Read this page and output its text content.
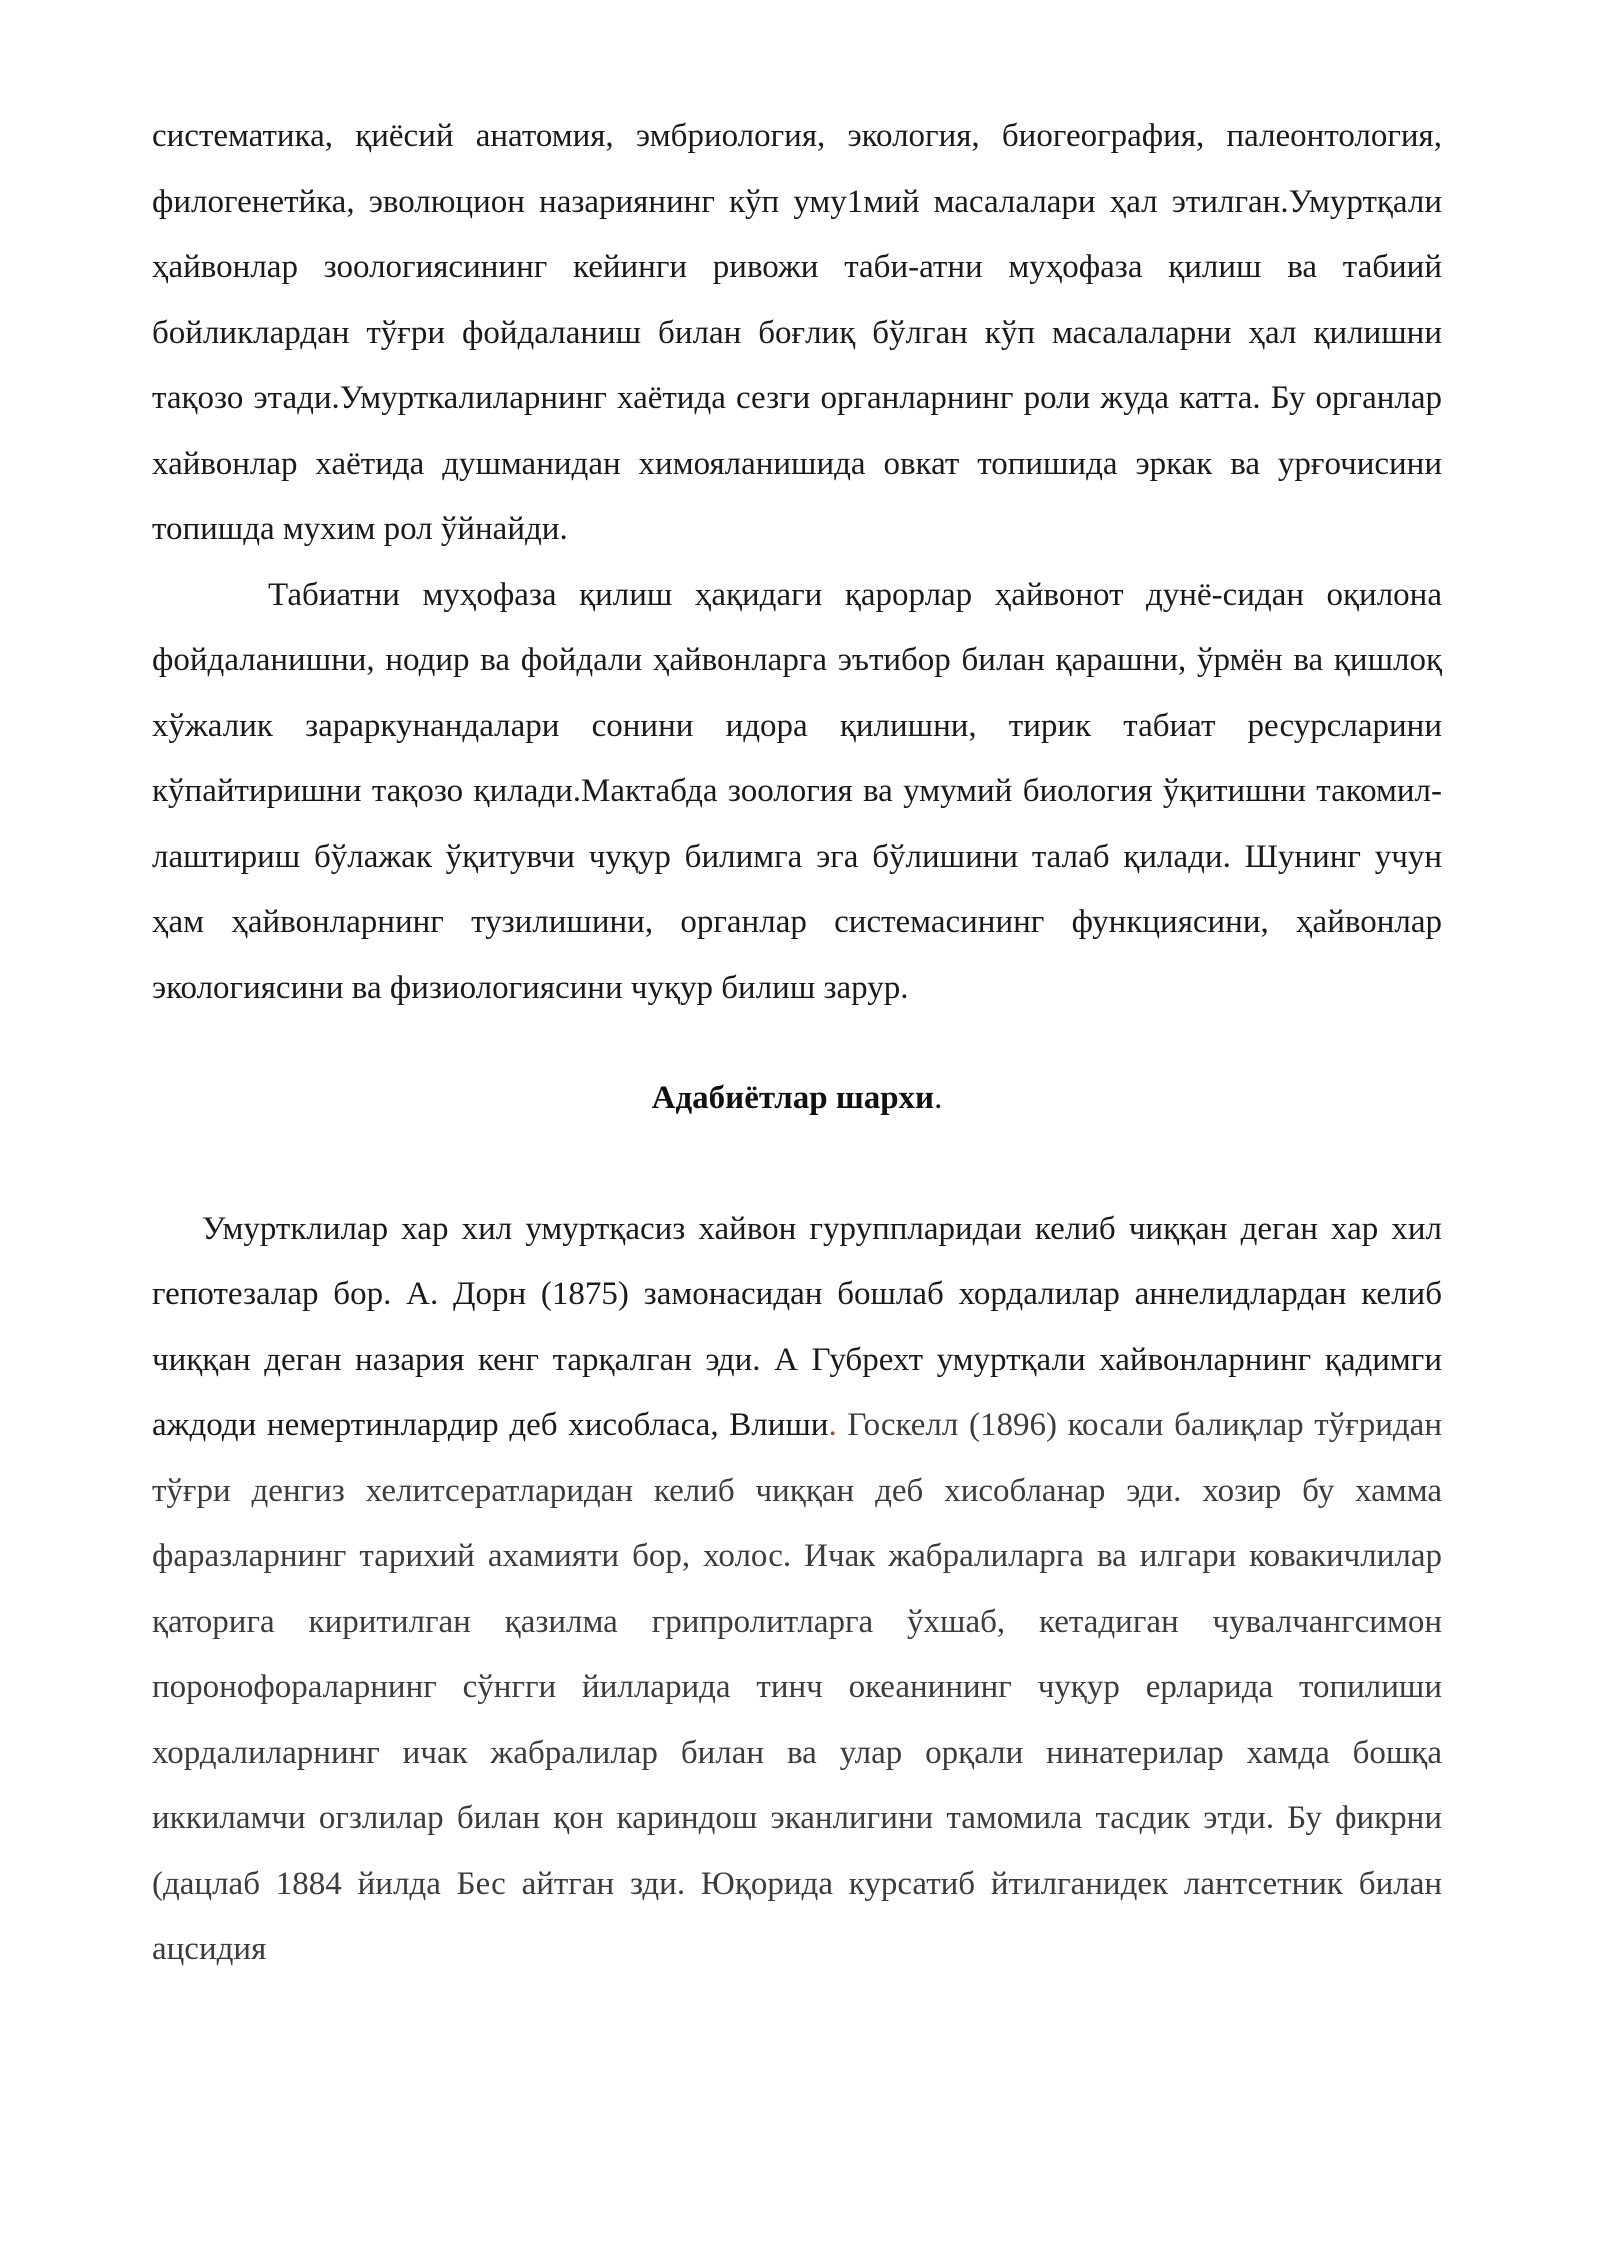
систематика, қиёсий анатомия, эмбриология, экология, биогеография, палеонтология, филогенетйка, эволюцион назариянинг кўп уму1мий масалалари ҳал этилган.Умуртқали ҳайвонлар зоологиясининг кейинги ривожи таби-атни муҳофаза қилиш ва табиий бойликлардан тўғри фойдаланиш билан боғлиқ бўлган кўп масалаларни ҳал қилишни тақозо этади.Умурткалиларнинг хаётида сезги органларнинг роли жуда катта. Бу органлар хайвонлар хаётида душманидан химояланишида овкат топишида эркак ва урғочисини топишда мухим рол ўйнайди.

Табиатни муҳофаза қилиш ҳақидаги қарорлар ҳайвонот дунё-сидан оқилона фойдаланишни, нодир ва фойдали ҳайвонларга эътибор билан қарашни, ўрмён ва қишлоқ хўжалик зараркунандалари сонини идора қилишни, тирик табиат ресурсларини кўпайтиришни тақозо қилади.Мактабда зоология ва умумий биология ўқитишни такомил-лаштириш бўлажак ўқитувчи чуқур билимга эга бўлишини талаб қилади. Шунинг учун ҳам ҳайвонларнинг тузилишини, органлар системасининг функциясини, ҳайвонлар экологиясини ва физиологиясини чуқур билиш зарур.

Адабиётлар шархи.

Умуртклилар хар хил умуртқасиз хайвон гуруппларидаи келиб чиққан деган хар хил гепотезалар бор. А. Дорн (1875) замонасидан бошлаб хордалилар аннелидлардан келиб чиққан деган назария кенг тарқалган эди. А Губрехт умуртқали хайвонларнинг қадимги аждоди немертинлардир деб хисобласа, Влиши. Госкелл (1896) косали балиқлар тўғридан тўғри денгиз хелитсератларидан келиб чиққан деб хисобланар эди. хозир бу хамма фаразларнинг тарихий ахамияти бор, холос. Ичак жабралиларга ва илгари ковакичлилар қаторига киритилган қазилма грипролитларга ўхшаб, кетадиган чувалчангсимон поронофораларнинг сўнгги йилларида тинч океанининг чуқур ерларида топилиши хордалиларнинг ичак жабралилар билан ва улар орқали нинатерилар хамда бошқа иккиламчи огзлилар билан қон кариндош эканлигини тамомила тасдик этди. Бу фикрни (дацлаб 1884 йилда Бес айтган зди. Юқорида курсатиб йтилганидек лантсетник билан ацсидия
